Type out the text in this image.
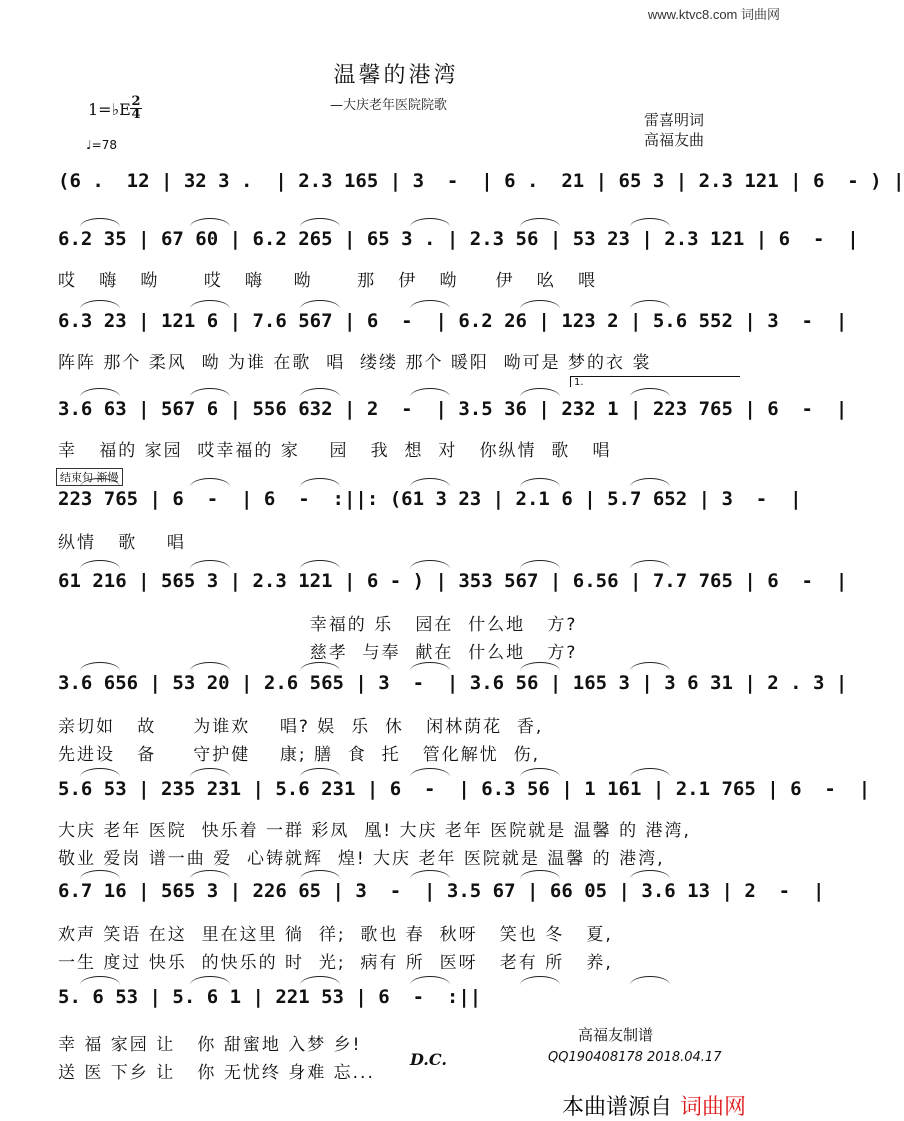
www.ktvc8.com 词曲网
温馨的港湾
—大庆老年医院院歌
1=♭E 2
4
♩=78
雷喜明词
高福友曲
结束句 渐慢
1.
(6 .  12 | 32 3 .  | 2.3 165 | 3  -  | 6 .  21 | 65 3 | 2.3 121 | 6  - ) |
6.2 35 | 67 60 | 6.2 265 | 65 3 . | 2.3 56 | 53 23 | 2.3 121 | 6  -  |
哎   嗨   呦      哎   嗨    呦      那   伊   呦     伊   吆   喂
6.3 23 | 121 6 | 7.6 567 | 6  -  | 6.2 26 | 123 2 | 5.6 552 | 3  -  |
阵阵 那个 柔风  呦 为谁 在歌  唱  缕缕 那个 暖阳  呦可是 梦的衣 裳
3.6 63 | 567 6 | 556 632 | 2  -  | 3.5 36 | 232 1 | 223 765 | 6  -  |
幸   福的 家园  哎幸福的 家    园   我  想  对   你纵情  歌   唱
223 765 | 6  -  | 6  -  :||: (61 3 23 | 2.1 6 | 5.7 652 | 3  -  |
纵情   歌    唱
61 216 | 565 3 | 2.3 121 | 6 - ) | 353 567 | 6.56 | 7.7 765 | 6  -  |
幸福的 乐   园在  什么地   方?
慈孝  与奉  献在  什么地   方?
3.6 656 | 53 20 | 2.6 565 | 3  -  | 3.6 56 | 165 3 | 3 6 31 | 2 . 3 |
亲切如   故     为谁欢    唱? 娱  乐  休   闲林荫花  香,
先进设   备     守护健    康; 膳  食  托   管化解忧  伤,
5.6 53 | 235 231 | 5.6 231 | 6  -  | 6.3 56 | 1 161 | 2.1 765 | 6  -  |
大庆 老年 医院  快乐着 一群 彩凤  凰! 大庆 老年 医院就是 温馨 的 港湾,
敬业 爱岗 谱一曲 爱  心铸就辉  煌! 大庆 老年 医院就是 温馨 的 港湾,
6.7 16 | 565 3 | 226 65 | 3  -  | 3.5 67 | 66 05 | 3.6 13 | 2  -  |
欢声 笑语 在这  里在这里 徜  徉;  歌也 春  秋呀   笑也 冬   夏,
一生 度过 快乐  的快乐的 时  光;  病有 所  医呀   老有 所   养,
5. 6 53 | 5. 6 1 | 221 53 | 6  -  :||
幸 福 家园 让   你 甜蜜地 入梦 乡!
送 医 下乡 让   你 无忧终 身难 忘...
高福友制谱
QQ190408178 2018.04.17
D.C.
本曲谱源自 词曲网
